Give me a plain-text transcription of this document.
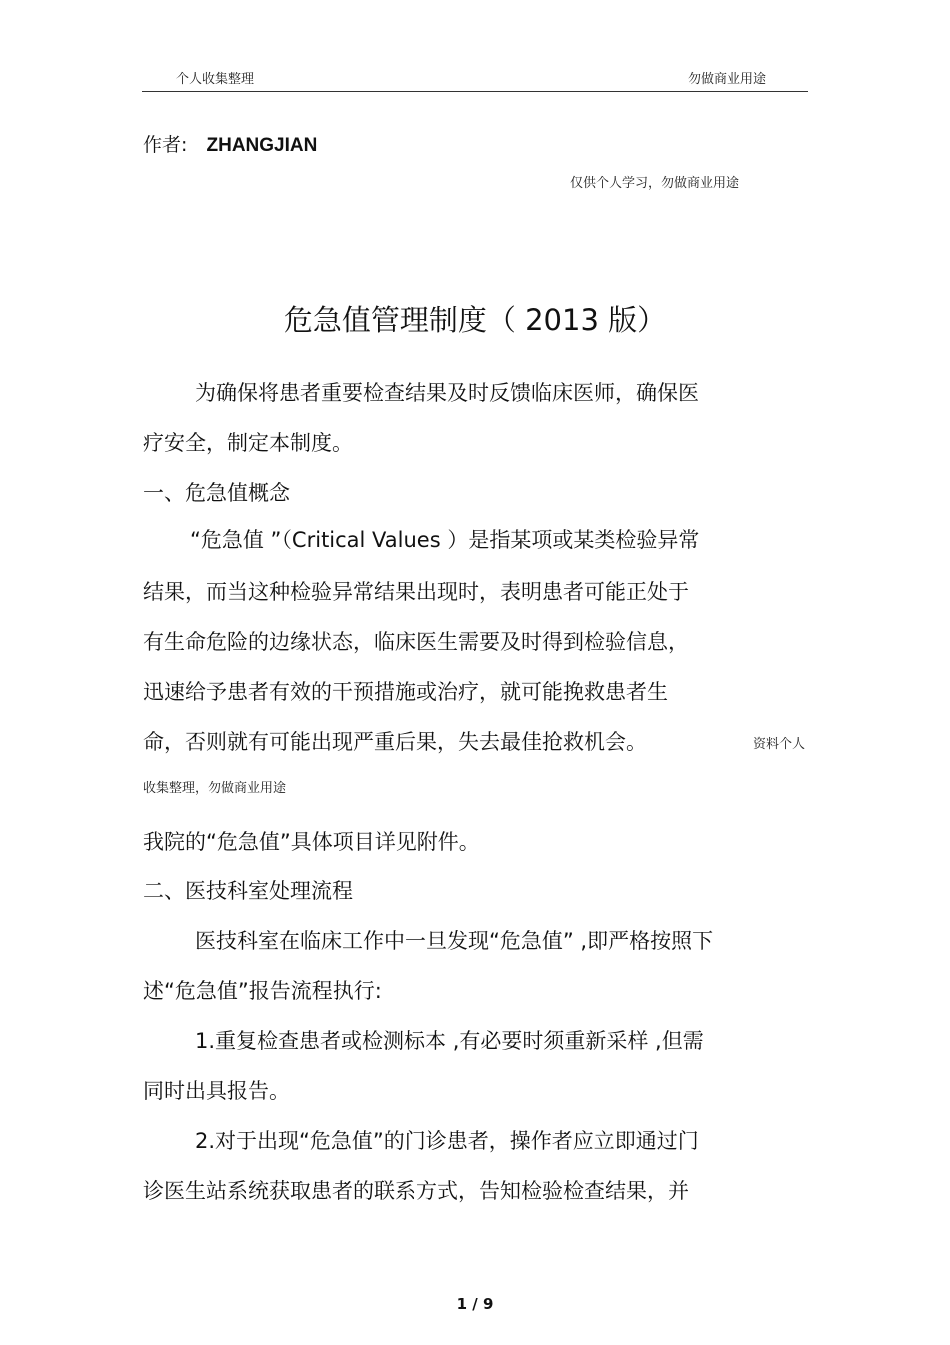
个人收集整理	勿做商业用途
作者: ZHANGJIAN
仅供个人学习，勿做商业用途
危急值管理制度（ 2013 版）
为确保将患者重要检查结果及时反馈临床医师，确保医
疗安全，制定本制度。
一、危急值概念
“危急值 ”（Critical Values ）是指某项或某类检验异常
结果，而当这种检验异常结果出现时，表明患者可能正处于
有生命危险的边缘状态，临床医生需要及时得到检验信息，
迅速给予患者有效的干预措施或治疗，就可能挽救患者生
命，否则就有可能出现严重后果，失去最佳抢救机会。	资料个人
收集整理，勿做商业用途
我院的“危急值”具体项目详见附件。
二、医技科室处理流程
医技科室在临床工作中一旦发现“危急值” ,即严格按照下
述“危急值”报告流程执行:
1.重复检查患者或检测标本 ,有必要时须重新采样 ,但需
同时出具报告。
2.对于出现“危急值”的门诊患者，操作者应立即通过门
诊医生站系统获取患者的联系方式，告知检验检查结果，并
1 / 9
